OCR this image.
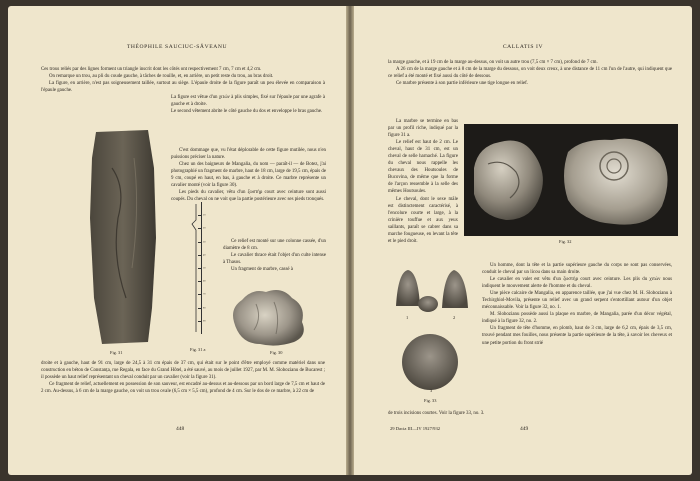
THÉOPHILE SAUCIUC-SĂVEANU

Ces trous reliés par des lignes forment un triangle inscrit dont les côtés ont respectivement 7 cm, 7 cm et 4,2 cm.

On remarque un trou, au pli du coude gauche, à tâches de rouille, et, en arrière, un petit reste du trou, au bras droit.

La figure, en arrière, n'est pas soigneusement taillée, surtout au siège. L'épaule droite de la figure paraît un peu élevée en comparaison à l'épaule gauche.

La figure est vêtue d'un χιτών à plis simples, fixé sur l'épaule par une agrafe à gauche et à droite.

Le second vêtement abrite le côté gauche du dos et enveloppe le bras gauche.

C'est dommage que, vu l'état déplorable de cette figure mutilée, nous n'en puissions préciser la nature.

Chez un des baigneurs de Mangalia, du nom — paraît-il — de Botez, j'ai photographié un fragment de marbre, haut de 18 cm, large de 19,5 cm, épais de 9 cm, coupé en haut, en bas, à gauche et à droite. Ce marbre représente un cavalier monté (voir la figure 30).

Les pieds du cavalier, vêtu d'un ζωστὴρ court avec ceinture sont aussi coupés. Du cheval on ne voit que la partie postérieure avec ses pieds tronqués.

Ce relief est monté sur une colonne cassée, d'un diamètre de 8 cm.

Le cavalier thrace était l'objet d'un culte intense à Thasos.

Un fragment de marbre, cassé à

Fig. 31
10
20
30
40
50
60
70
80
90
Fig. 31 a
Fig. 30

droite et à gauche, haut de 91 cm, large de 24,5 à 31 cm épais de 37 cm, qui était sur le point d'être employé comme matériel dans une construction en béton de Constanța, rue Regala, en face du Grand Hôtel, a été sauvé, au mois de juillet 1927, par M. M. Slobozianu de Bucarest ; il possède un haut relief représentant un cheval conduit par un cavalier (voir la figure 31).

Ce fragment de relief, actuellement en possession de son sauveur, est encadré au-dessus et au-dessous par un bord large de 7,5 cm et haut de 2 cm. Au-dessus, à 6 cm de la marge gauche, on voit un trou ovale (6,5 cm × 5,5 cm), profond de 4 cm. Sur le dos de ce marbre, à 22 cm de

448
CALLATIS IV

la marge gauche, et à 19 cm de la marge au-dessus, on voit un autre trou (7,5 cm × 7 cm), profond de 7 cm.

A 26 cm de la marge gauche et à 8 cm de la marge du dessous, on voit deux creux, à une distance de 11 cm l'un de l'autre, qui indiquent que ce relief a été monté et fixé aussi du côté de dessous.

Ce marbre présente à son partie inférieure une tige longue en relief.

La marbre se termine en bas par un profil riche, indiqué par la figure 31 a.

Le relief est haut de 2 cm. Le cheval, haut de 31 cm, est un cheval de selle harnaché. La figure du cheval nous rappelle les chevaux des Houtsoules de Bucovina, de même que la forme de l'arçon ressemble à la selle des mêmes Houtsoules.

Le cheval, dont le sexe mâle est distinctement caractérisé, à l'encolure courte et large, à la crinière touffue et aux yeux saillants, paraît se cabrer dans sa marche fougueuse, en levant la tête et le pied droit.	Fig. 32

1	2
3
Fig. 33

Un homme, dont la tête et la partie supérieure gauche du corps ne sont pas conservées, conduit le cheval par un licou dans sa main droite.

Le cavalier en valet est vêtu d'un ζωστὴρ court avec ceinture. Les plis du χιτών nous indiquent le mouvement alerte de l'homme et du cheval.

Une pièce calcaire de Mangalia, en apparence taillée, que j'ai vue chez M. H. Slobozianu à Techirghiol-Movila, présente un relief avec un grand serpent s'entortillant autour d'un objet méconnaissable. Voir la figure 32, no. 1.

M. Slobozianu possède aussi la plaque en marbre, de Mangalia, parée d'un décor végétal, indiqué à la figure 32, no. 2.

Un fragment de tête d'homme, en plomb, haut de 3 cm, large de 6,2 cm, épais de 3,5 cm, trouvé pendant mes fouilles, nous présente la partie supérieure de la tête, à savoir les cheveux et une petite portion du front strié

de trois incisions courtes. Voir la figure 33, no. 3.

29 Dacia III—IV 1927/932	449
